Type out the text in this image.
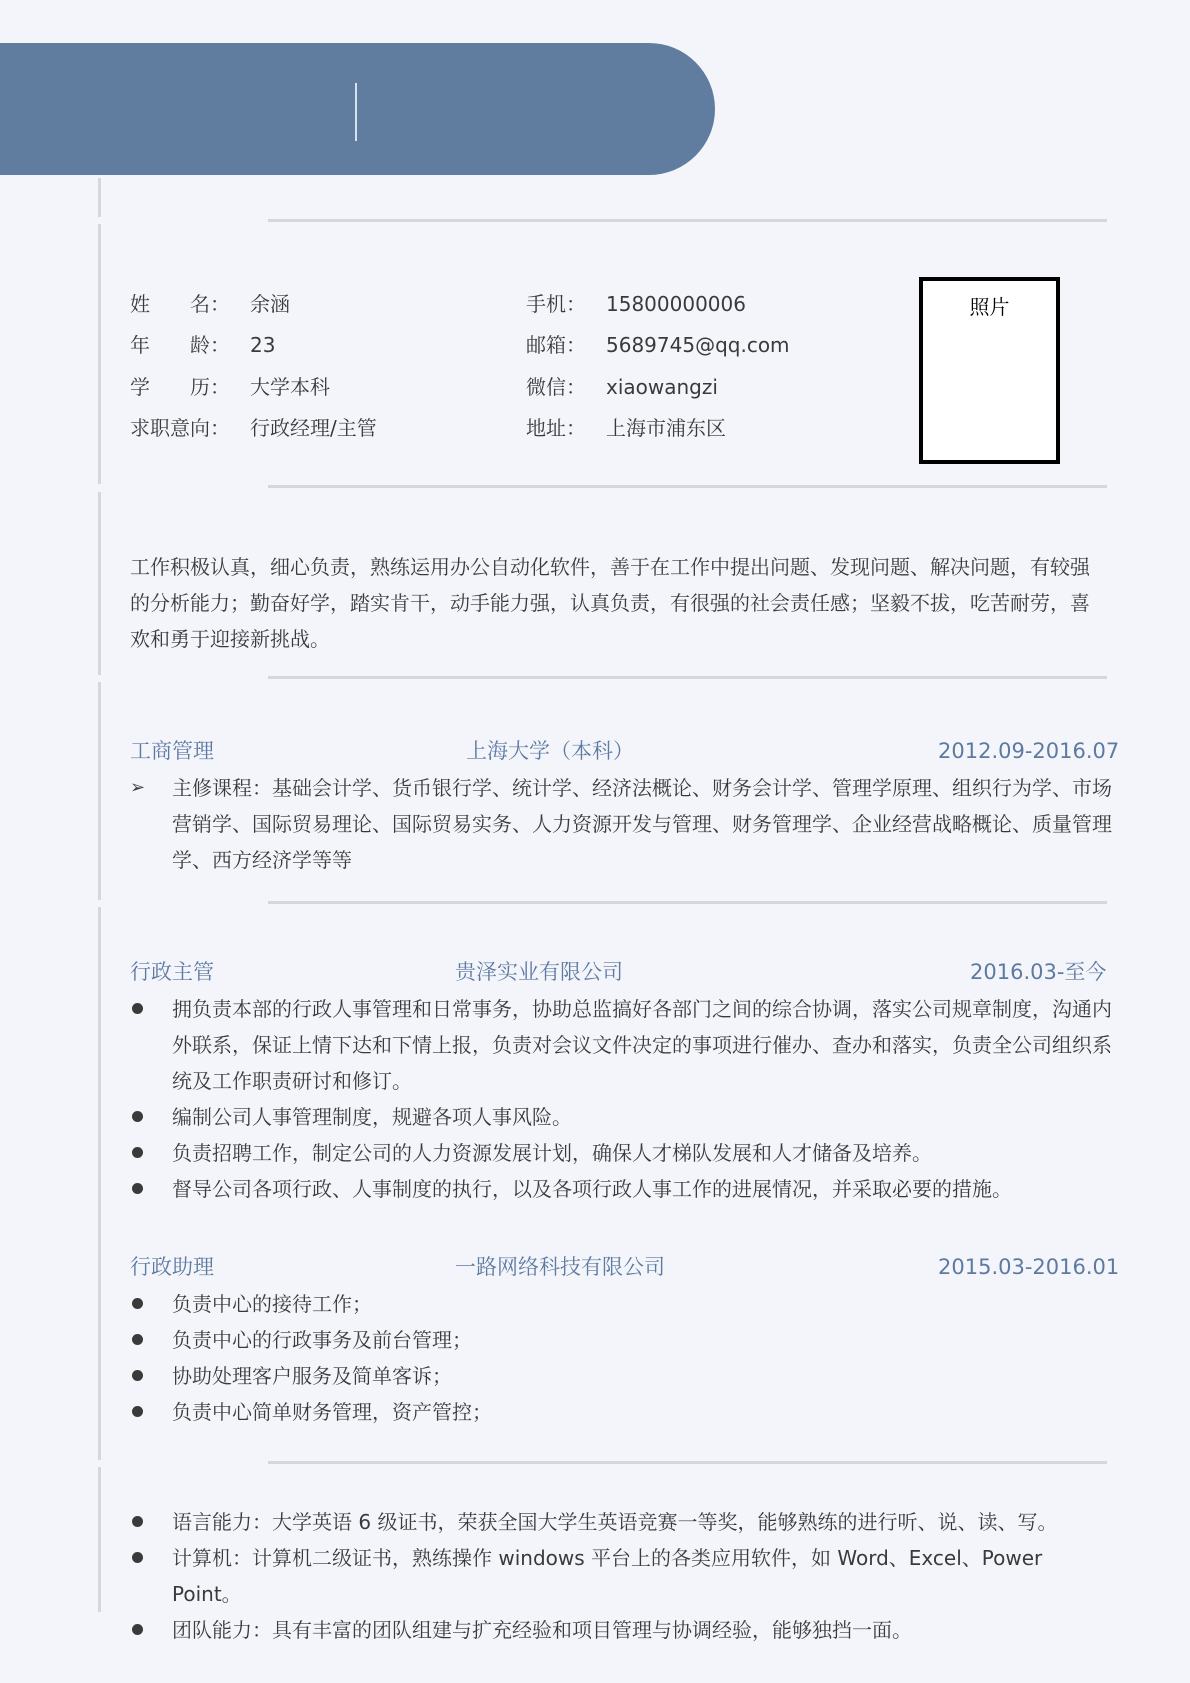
姓　　名：	余涵
年　　龄：	23
学　　历：	大学本科
求职意向：	行政经理/主管
手机：	15800000006
邮箱：	5689745@qq.com
微信：	xiaowangzi
地址：	上海市浦东区
照片
工作积极认真，细心负责，熟练运用办公自动化软件，善于在工作中提出问题、发现问题、解决问题，有较强
的分析能力；勤奋好学，踏实肯干，动手能力强，认真负责，有很强的社会责任感；坚毅不拔，吃苦耐劳，喜
欢和勇于迎接新挑战。
工商管理	上海大学（本科）	2012.09-2016.07
➢	主修课程：基础会计学、货币银行学、统计学、经济法概论、财务会计学、管理学原理、组织行为学、市场
营销学、国际贸易理论、国际贸易实务、人力资源开发与管理、财务管理学、企业经营战略概论、质量管理
学、西方经济学等等
行政主管	贵泽实业有限公司	2016.03-至今
拥负责本部的行政人事管理和日常事务，协助总监搞好各部门之间的综合协调，落实公司规章制度，沟通内
外联系，保证上情下达和下情上报，负责对会议文件决定的事项进行催办、查办和落实，负责全公司组织系
统及工作职责研讨和修订。
编制公司人事管理制度，规避各项人事风险。
负责招聘工作，制定公司的人力资源发展计划，确保人才梯队发展和人才储备及培养。
督导公司各项行政、人事制度的执行，以及各项行政人事工作的进展情况，并采取必要的措施。
行政助理	一路网络科技有限公司	2015.03-2016.01
负责中心的接待工作；
负责中心的行政事务及前台管理；
协助处理客户服务及简单客诉；
负责中心简单财务管理，资产管控；
语言能力：大学英语 6 级证书，荣获全国大学生英语竞赛一等奖，能够熟练的进行听、说、读、写。
计算机：计算机二级证书，熟练操作 windows 平台上的各类应用软件，如 Word、Excel、Power Point。
团队能力：具有丰富的团队组建与扩充经验和项目管理与协调经验，能够独挡一面。
